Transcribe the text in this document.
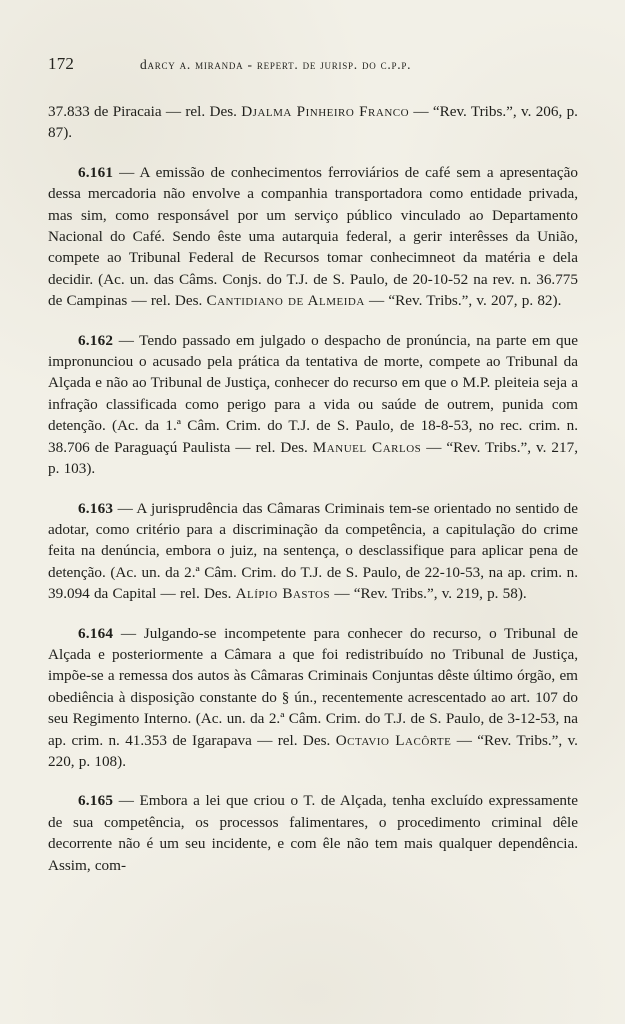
172	darcy a. miranda - repert. de jurisp. do c.p.p.

37.833 de Piracaia — rel. Des. Djalma Pinheiro Franco — “Rev. Tribs.”, v. 206, p. 87).

6.161 — A emissão de conhecimentos ferroviários de café sem a apresentação dessa mercadoria não envolve a companhia transportadora como entidade privada, mas sim, como responsável por um serviço público vinculado ao Departamento Nacional do Café. Sendo êste uma autarquia federal, a gerir interêsses da União, compete ao Tribunal Federal de Recursos tomar conhecimneot da matéria e dela decidir. (Ac. un. das Câms. Conjs. do T.J. de S. Paulo, de 20-10-52 na rev. n. 36.775 de Campinas — rel. Des. Cantidiano de Almeida — “Rev. Tribs.”, v. 207, p. 82).

6.162 — Tendo passado em julgado o despacho de pronúncia, na parte em que impronunciou o acusado pela prática da tentativa de morte, compete ao Tribunal da Alçada e não ao Tribunal de Justiça, conhecer do recurso em que o M.P. pleiteia seja a infração classificada como perigo para a vida ou saúde de outrem, punida com detenção. (Ac. da 1.ª Câm. Crim. do T.J. de S. Paulo, de 18-8-53, no rec. crim. n. 38.706 de Paraguaçú Paulista — rel. Des. Manuel Carlos — “Rev. Tribs.”, v. 217, p. 103).

6.163 — A jurisprudência das Câmaras Criminais tem-se orientado no sentido de adotar, como critério para a discriminação da competência, a capitulação do crime feita na denúncia, embora o juiz, na sentença, o desclassifique para aplicar pena de detenção. (Ac. un. da 2.ª Câm. Crim. do T.J. de S. Paulo, de 22-10-53, na ap. crim. n. 39.094 da Capital — rel. Des. Alípio Bastos — “Rev. Tribs.”, v. 219, p. 58).

6.164 — Julgando-se incompetente para conhecer do recurso, o Tribunal de Alçada e posteriormente a Câmara a que foi redistribuído no Tribunal de Justiça, impõe-se a remessa dos autos às Câmaras Criminais Conjuntas dêste último órgão, em obediência à disposição constante do § ún., recentemente acrescentado ao art. 107 do seu Regimento Interno. (Ac. un. da 2.ª Câm. Crim. do T.J. de S. Paulo, de 3-12-53, na ap. crim. n. 41.353 de Igarapava — rel. Des. Octavio Lacôrte — “Rev. Tribs.”, v. 220, p. 108).

6.165 — Embora a lei que criou o T. de Alçada, tenha excluído expressamente de sua competência, os processos falimentares, o procedimento criminal dêle decorrente não é um seu incidente, e com êle não tem mais qualquer dependência. Assim, com-
